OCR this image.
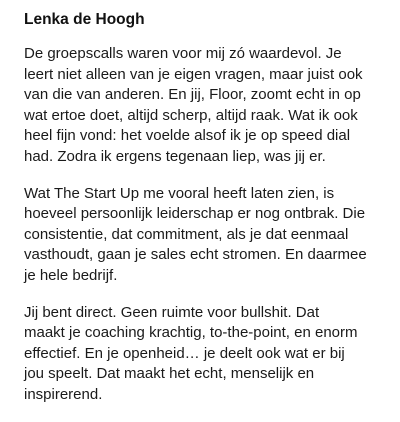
Lenka de Hoogh
De groepscalls waren voor mij zó waardevol. Je
leert niet alleen van je eigen vragen, maar juist ook
van die van anderen. En jij, Floor, zoomt echt in op
wat ertoe doet, altijd scherp, altijd raak. Wat ik ook
heel fijn vond: het voelde alsof ik je op speed dial
had. Zodra ik ergens tegenaan liep, was jij er.
Wat The Start Up me vooral heeft laten zien, is
hoeveel persoonlijk leiderschap er nog ontbrak. Die
consistentie, dat commitment, als je dat eenmaal
vasthoudt, gaan je sales echt stromen. En daarmee
je hele bedrijf.
Jij bent direct. Geen ruimte voor bullshit. Dat
maakt je coaching krachtig, to-the-point, en enorm
effectief. En je openheid… je deelt ook wat er bij
jou speelt. Dat maakt het echt, menselijk en
inspirerend.
